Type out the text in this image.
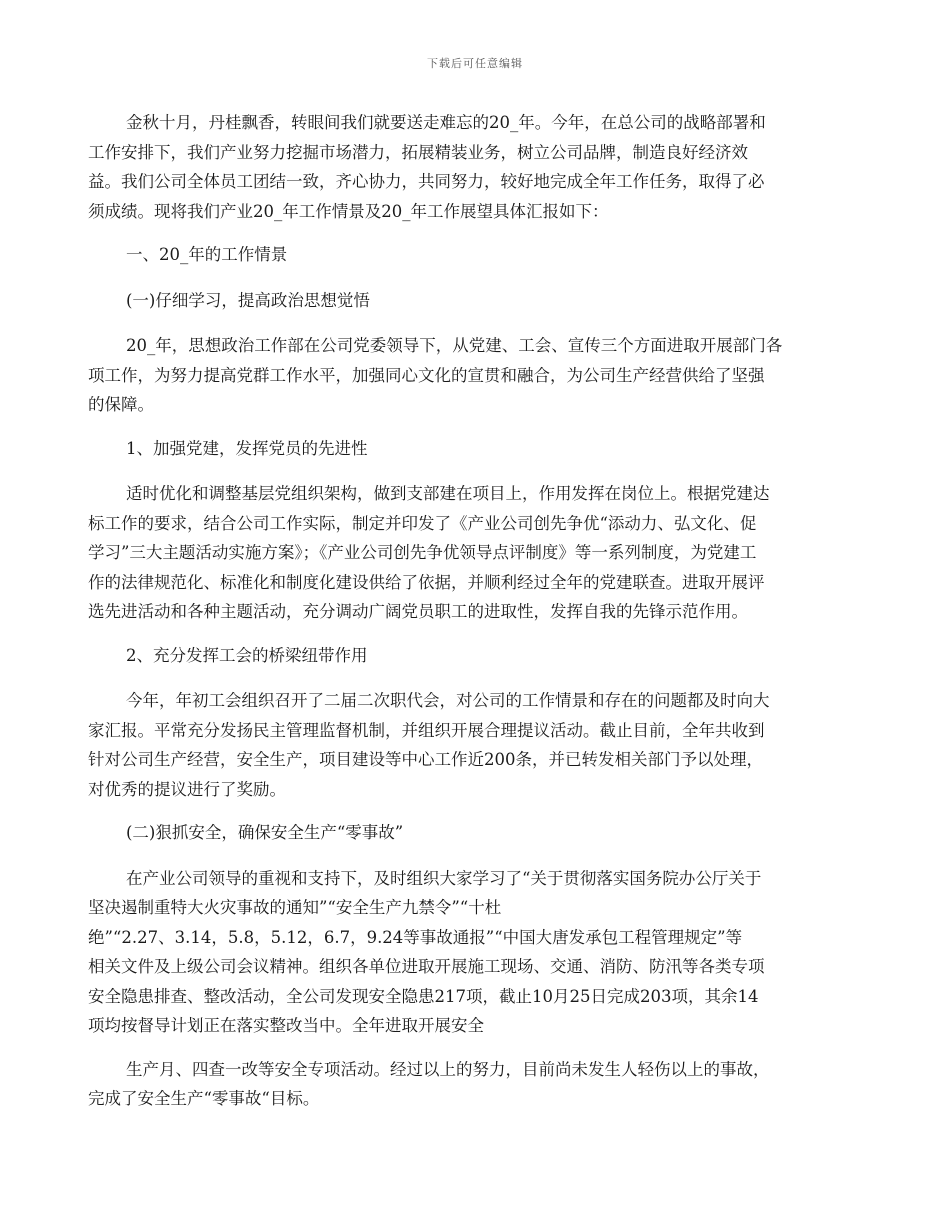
下载后可任意编辑

金秋十月，丹桂飘香，转眼间我们就要送走难忘的20_年。今年，在总公司的战略部署和
工作安排下，我们产业努力挖掘市场潜力，拓展精装业务，树立公司品牌，制造良好经济效
益。我们公司全体员工团结一致，齐心协力，共同努力，较好地完成全年工作任务，取得了必
须成绩。现将我们产业20_年工作情景及20_年工作展望具体汇报如下：

一、20_年的工作情景

(一)仔细学习，提高政治思想觉悟

20_年，思想政治工作部在公司党委领导下，从党建、工会、宣传三个方面进取开展部门各
项工作，为努力提高党群工作水平，加强同心文化的宣贯和融合，为公司生产经营供给了坚强
的保障。

1、加强党建，发挥党员的先进性

适时优化和调整基层党组织架构，做到支部建在项目上，作用发挥在岗位上。根据党建达
标工作的要求，结合公司工作实际，制定并印发了《产业公司创先争优“添动力、弘文化、促
学习”三大主题活动实施方案》；《产业公司创先争优领导点评制度》等一系列制度，为党建工
作的法律规范化、标准化和制度化建设供给了依据，并顺利经过全年的党建联查。进取开展评
选先进活动和各种主题活动，充分调动广阔党员职工的进取性，发挥自我的先锋示范作用。

2、充分发挥工会的桥梁纽带作用

今年，年初工会组织召开了二届二次职代会，对公司的工作情景和存在的问题都及时向大
家汇报。平常充分发扬民主管理监督机制，并组织开展合理提议活动。截止目前，全年共收到
针对公司生产经营，安全生产，项目建设等中心工作近200条，并已转发相关部门予以处理，
对优秀的提议进行了奖励。

(二)狠抓安全，确保安全生产“零事故”

在产业公司领导的重视和支持下，及时组织大家学习了“关于贯彻落实国务院办公厅关于
坚决遏制重特大火灾事故的通知”“安全生产九禁令”“十杜
绝”“2.27、3.14，5.8，5.12，6.7，9.24等事故通报”“中国大唐发承包工程管理规定”等
相关文件及上级公司会议精神。组织各单位进取开展施工现场、交通、消防、防汛等各类专项
安全隐患排查、整改活动，全公司发现安全隐患217项，截止10月25日完成203项，其余14
项均按督导计划正在落实整改当中。全年进取开展安全

生产月、四查一改等安全专项活动。经过以上的努力，目前尚未发生人轻伤以上的事故，
完成了安全生产“零事故“目标。
